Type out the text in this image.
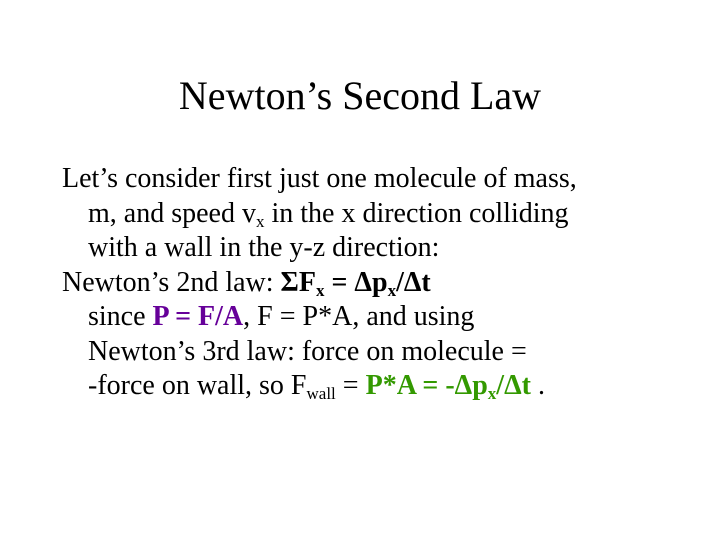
Newton’s Second Law
Let’s consider first just one molecule of mass,
m, and speed $v_x$ in the x direction colliding
with a wall in the y-z direction:
Newton’s 2nd law: $\Sigma F_x = \Delta p_x/\Delta t$
since P = F/A, F = P*A, and using
Newton’s 3rd law: force on molecule =
-force on wall, so $F_{wall} = P*A = -\Delta p_x/\Delta t$ .
